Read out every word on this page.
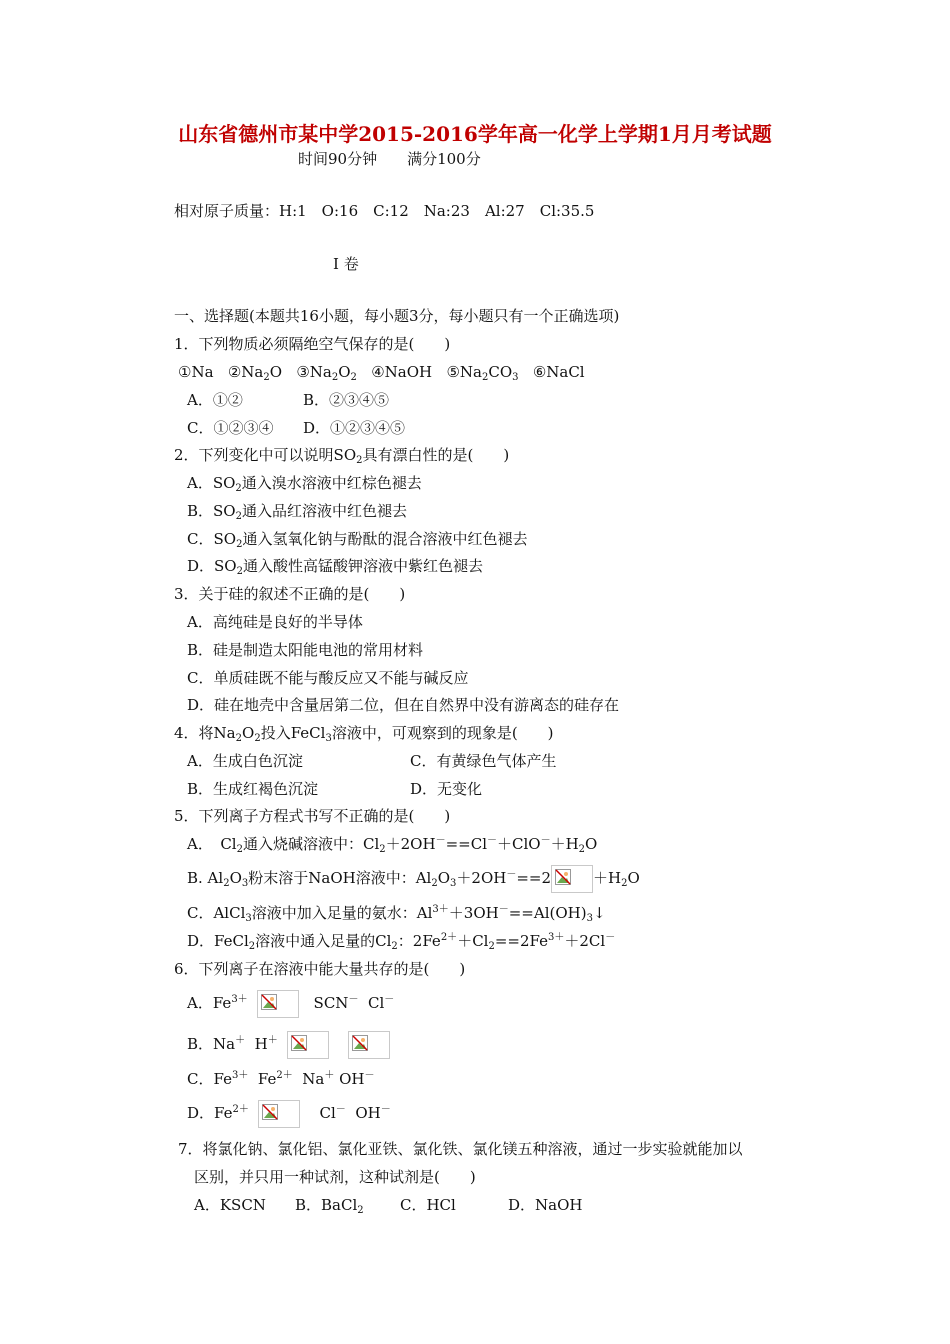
山东省德州市某中学2015-2016学年高一化学上学期1月月考试题
时间90分钟　　满分100分
相对原子质量：H:1　O:16　C:12　Na:23　Al:27　Cl:35.5
Ⅰ 卷
一、选择题(本题共16小题，每小题3分，每小题只有一个正确选项)
1．下列物质必须隔绝空气保存的是(　　)
①Na $②Na_2O$ $③Na_2O_2$ ④NaOH $⑤Na_2CO_3$ ⑥NaCl
A．①②	B．②③④⑤
C．①②③④ D．①②③④⑤
2．下列变化中可以说明$SO_2$具有漂白性的是(　　)
A．$SO_2$通入溴水溶液中红棕色褪去
B．$SO_2$通入品红溶液中红色褪去
C．$SO_2$通入氢氧化钠与酚酞的混合溶液中红色褪去
D．$SO_2$通入酸性高锰酸钾溶液中紫红色褪去
3．关于硅的叙述不正确的是(　　)
A．高纯硅是良好的半导体
B．硅是制造太阳能电池的常用材料
C．单质硅既不能与酸反应又不能与碱反应
D．硅在地壳中含量居第二位，但在自然界中没有游离态的硅存在
4．将$Na_2O_2$投入FeCl$_3$溶液中，可观察到的现象是(　　)
A．生成白色沉淀	C．有黄绿色气体产生
B．生成红褐色沉淀	D．无变化
5．下列离子方程式书写不正确的是(　　)
A．　$Cl_2$通入烧碱溶液中：$Cl_2+2OH^-==Cl^-+ClO^-+H_2O$
B. $Al_2O_3$粉末溶于NaOH溶液中：$Al_2O_3+2OH^-==2$	$+H_2O$
C．AlCl$_3$溶液中加入足量的氨水：$Al^{3+}+3OH^-==Al(OH)_3↓$
D．FeCl$_2$溶液中通入足量的$Cl_2$：$2Fe^{2+}+Cl_2==2Fe^{3+}+2Cl^-$
6．下列离子在溶液中能大量共存的是(　　)
A．$Fe^{3+}$	SCN－ Cl－
B．Na＋ H＋

C．$Fe^{3+}$ $Fe^{2+}$ Na＋ OH－
D．$Fe^{2+}$	Cl－ OH－
7．将氯化钠、氯化铝、氯化亚铁、氯化铁、氯化镁五种溶液，通过一步实验就能加以
区别，并只用一种试剂，这种试剂是(　　)
A．KSCN B．BaCl$_2$ C．HCl	D．NaOH
